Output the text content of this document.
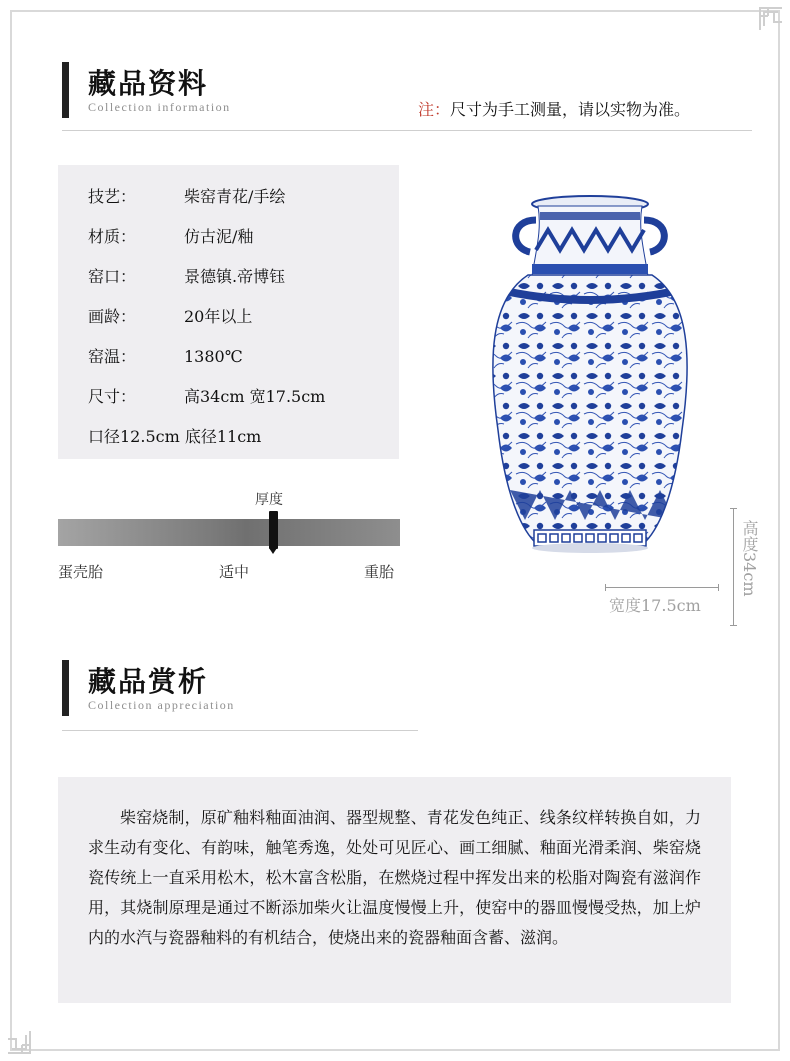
藏品资料
Collection information	注：尺寸为手工测量，请以实物为准。
技艺：	柴窑青花/手绘
材质：	仿古泥/釉
窑口：	景德镇.帝博钰
画龄：	20年以上
窑温：	1380℃
尺寸：	高34cm 宽17.5cm
口径12.5cm 底径11cm
厚度
蛋壳胎	适中	重胎	高度34cm
宽度17.5cm
藏品赏析
Collection appreciation

柴窑烧制，原矿釉料釉面油润、器型规整、青花发色纯正、线条纹样转换自如，力求生动有变化、有韵味，触笔秀逸，处处可见匠心、画工细腻、釉面光滑柔润、柴窑烧瓷传统上一直采用松木，松木富含松脂，在燃烧过程中挥发出来的松脂对陶瓷有滋润作用，其烧制原理是通过不断添加柴火让温度慢慢上升，使窑中的器皿慢慢受热，加上炉内的水汽与瓷器釉料的有机结合，使烧出来的瓷器釉面含蓄、滋润。
